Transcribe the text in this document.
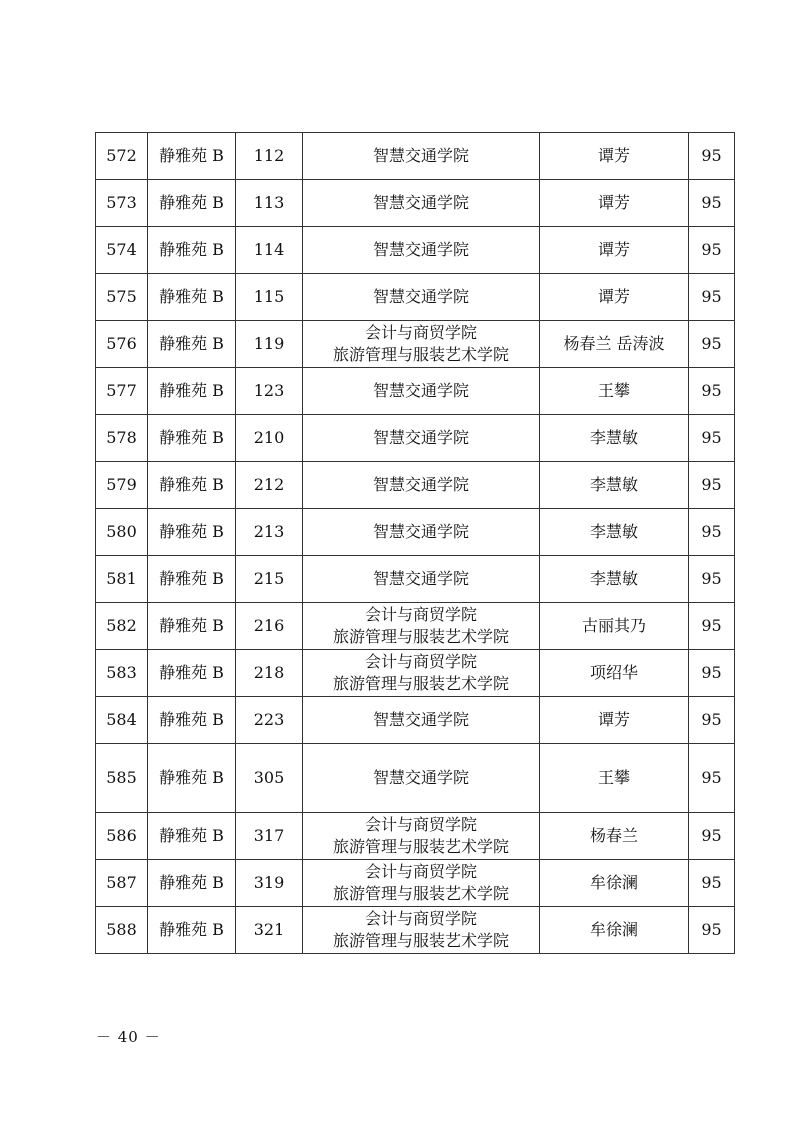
572	静雅苑 B	112	智慧交通学院	谭芳	95
573	静雅苑 B	113	智慧交通学院	谭芳	95
574	静雅苑 B	114	智慧交通学院	谭芳	95
575	静雅苑 B	115	智慧交通学院	谭芳	95
576	静雅苑 B	119	会计与商贸学院
旅游管理与服装艺术学院	杨春兰 岳涛波	95
577	静雅苑 B	123	智慧交通学院	王攀	95
578	静雅苑 B	210	智慧交通学院	李慧敏	95
579	静雅苑 B	212	智慧交通学院	李慧敏	95
580	静雅苑 B	213	智慧交通学院	李慧敏	95
581	静雅苑 B	215	智慧交通学院	李慧敏	95
582	静雅苑 B	216	会计与商贸学院
旅游管理与服装艺术学院	古丽其乃	95
583	静雅苑 B	218	会计与商贸学院
旅游管理与服装艺术学院	项绍华	95
584	静雅苑 B	223	智慧交通学院	谭芳	95
585	静雅苑 B	305	智慧交通学院	王攀	95
586	静雅苑 B	317	会计与商贸学院
旅游管理与服装艺术学院	杨春兰	95
587	静雅苑 B	319	会计与商贸学院
旅游管理与服装艺术学院	牟徐澜	95
588	静雅苑 B	321	会计与商贸学院
旅游管理与服装艺术学院	牟徐澜	95
－ 40 －
